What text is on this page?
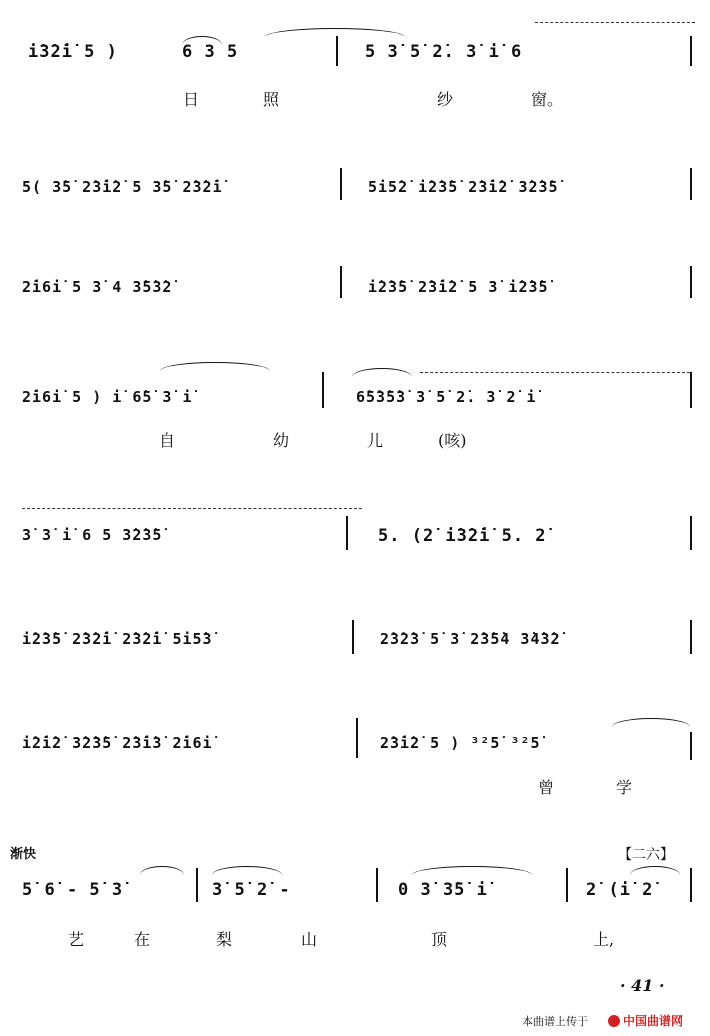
i̇3̇2̇i̇ 5 )	6 3 5	5 3̇ 5̇ 2̇. 3̇ i̇ 6
日	照	纱	窗。
5( 3̇5̇ 2̇3̇i̇2̇ 5 3̇5̇ 2̇3̇2̇i̇	5i5̇2̇ i̇2̇3̇5̇ 2̇3̇i̇2̇ 3̇2̇3̇5̇
2̇i6i̇ 5 3̇ 4 3̇5̇3̇2̇	i̇2̇3̇5̇ 2̇3̇i̇2̇ 5 3̇ i̇2̇3̇5̇
2̇i6i̇ 5 ) i̇ 6̇5̇ 3̇ i̇	6̇5̇3̇5̇3̇ 3̇ 5̇ 2̇. 3̇ 2̇ i̇
自	幼	儿	(咳)
3̇ 3̇ i̇ 6 5 3̇2̇3̇5̇	5. (2̇ i̇3̇2̇i̇ 5. 2̇
i̇2̇3̇5̇ 2̇3̇2̇i̇ 2̇3̇2̇i̇ 5i5̇3̇	2̇3̇2̇3̇ 5̇ 3̇ 2̇3̇5̇4 3̇4̇3̇2̇
i̇2̇i̇2̇ 3̇2̇3̇5̇ 2̇3̇i̇3̇ 2̇i6i̇	2̇3̇i̇2̇ 5 ) ³²5̇ ³²5̇
曾	学
渐快	【二六】
5̇ 6̇ - 5̇ 3̇	3̇ 5̇ 2̇ -	0 3̇ 3̇5̇ i̇	2̇ (i̇ 2̇
艺	在	梨	山	顶	上,
· 41 ·
本曲谱上传于	中国曲谱网
